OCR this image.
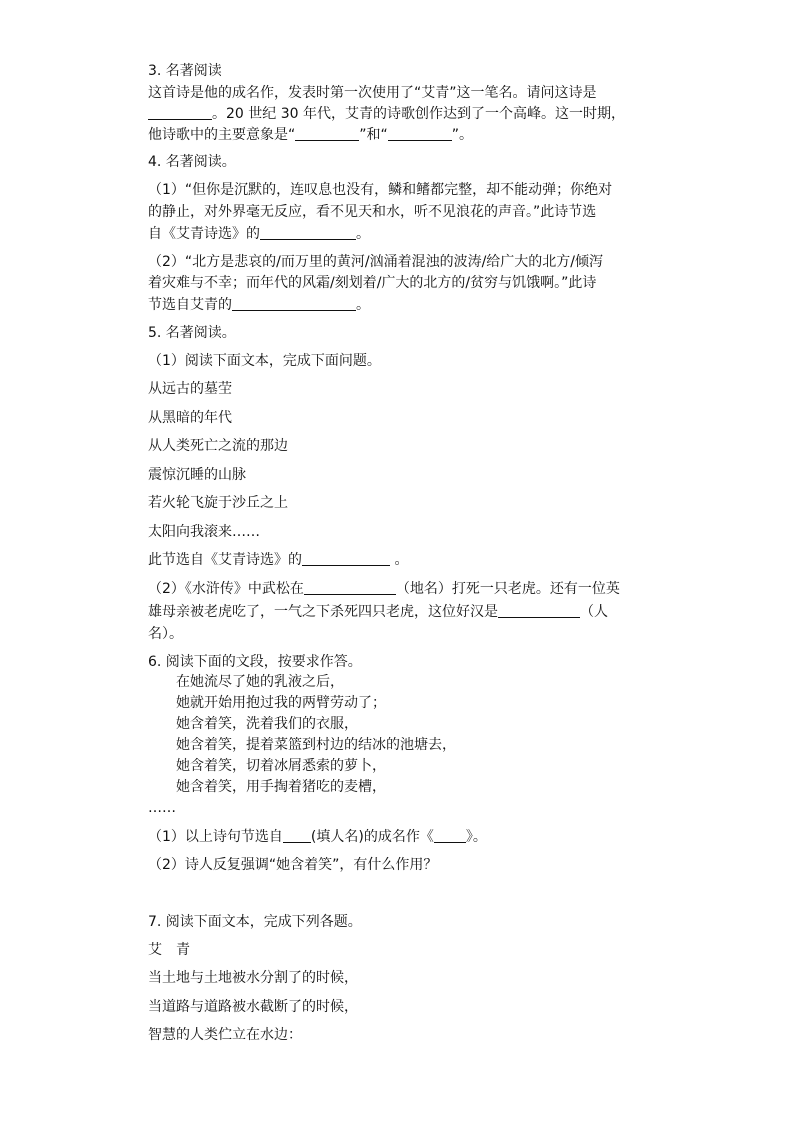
3. 名著阅读
这首诗是他的成名作，发表时第一次使用了“艾青”这一笔名。请问这诗是
。20 世纪 30 年代，艾青的诗歌创作达到了一个高峰。这一时期，
他诗歌中的主要意象是“	”和“	”。
4. 名著阅读。
（1）“但你是沉默的，连叹息也没有，鳞和鳍都完整，却不能动弹；你绝对
的静止，对外界毫无反应，看不见天和水，听不见浪花的声音。”此诗节选
自《艾青诗选》的	。
（2）“北方是悲哀的/而万里的黄河/汹涌着混浊的波涛/给广大的北方/倾泻
着灾难与不幸；而年代的风霜/刻划着/广大的北方的/贫穷与饥饿啊。”此诗
节选自艾青的	。
5. 名著阅读。
（1）阅读下面文本，完成下面问题。
从远古的墓茔
从黑暗的年代
从人类死亡之流的那边
震惊沉睡的山脉
若火轮飞旋于沙丘之上
太阳向我滚来……
此节选自《艾青诗选》的	。
（2）《水浒传》中武松在	（地名）打死一只老虎。还有一位英
雄母亲被老虎吃了，一气之下杀死四只老虎，这位好汉是	（人
名）。
6. 阅读下面的文段，按要求作答。
在她流尽了她的乳液之后，
她就开始用抱过我的两臂劳动了；
她含着笑，洗着我们的衣服，
她含着笑，提着菜篮到村边的结冰的池塘去，
她含着笑，切着冰屑悉索的萝卜，
她含着笑，用手掏着猪吃的麦槽，
……
（1）以上诗句节选自 (填人名)的成名作《 》。
（2）诗人反复强调“她含着笑”，有什么作用？
7. 阅读下面文本，完成下列各题。
艾　青
当土地与土地被水分割了的时候，
当道路与道路被水截断了的时候，
智慧的人类伫立在水边：
